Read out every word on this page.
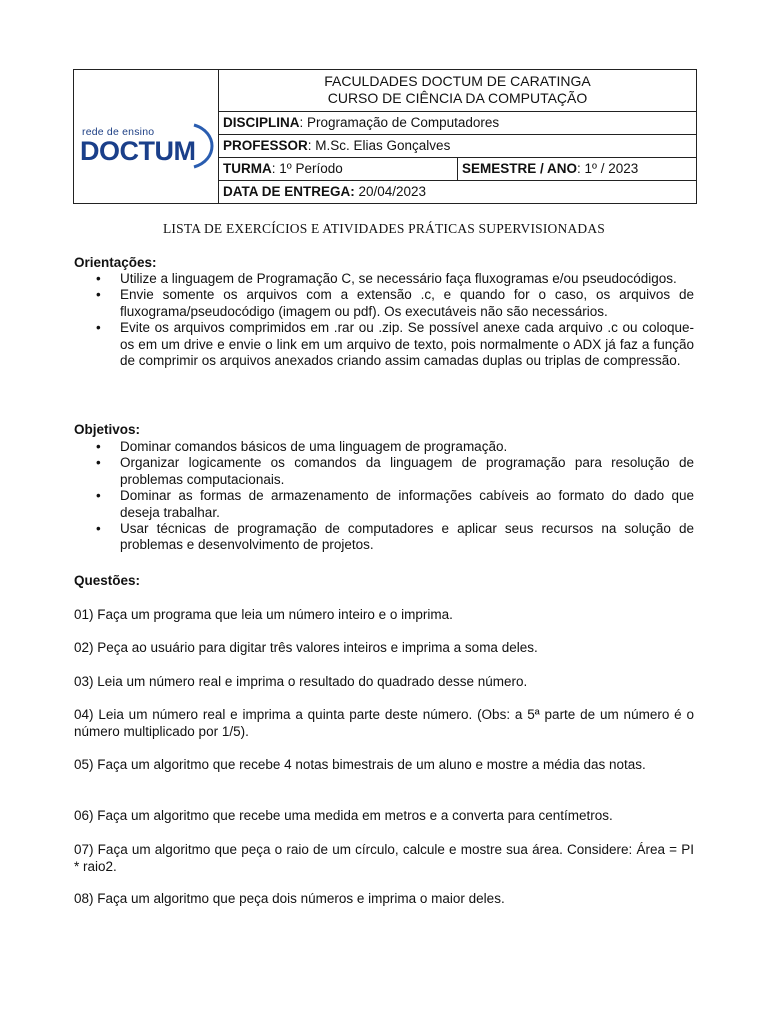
rede de ensino
DOCTUM
FACULDADES DOCTUM DE CARATINGA
CURSO DE CIÊNCIA DA COMPUTAÇÃO
DISCIPLINA: Programação de Computadores
PROFESSOR: M.Sc. Elias Gonçalves
TURMA: 1º Período	SEMESTRE / ANO: 1º / 2023
DATA DE ENTREGA: 20/04/2023
LISTA DE EXERCÍCIOS E ATIVIDADES PRÁTICAS SUPERVISIONADAS
Orientações:
• Utilize a linguagem de Programação C, se necessário faça fluxogramas e/ou pseudocódigos.
• Envie somente os arquivos com a extensão .c, e quando for o caso, os arquivos de fluxograma/pseudocódigo (imagem ou pdf). Os executáveis não são necessários.
• Evite os arquivos comprimidos em .rar ou .zip. Se possível anexe cada arquivo .c ou coloque-os em um drive e envie o link em um arquivo de texto, pois normalmente o ADX já faz a função de comprimir os arquivos anexados criando assim camadas duplas ou triplas de compressão.
Objetivos:
• Dominar comandos básicos de uma linguagem de programação.
• Organizar logicamente os comandos da linguagem de programação para resolução de problemas computacionais.
• Dominar as formas de armazenamento de informações cabíveis ao formato do dado que deseja trabalhar.
• Usar técnicas de programação de computadores e aplicar seus recursos na solução de problemas e desenvolvimento de projetos.
Questões:
01) Faça um programa que leia um número inteiro e o imprima.
02) Peça ao usuário para digitar três valores inteiros e imprima a soma deles.
03) Leia um número real e imprima o resultado do quadrado desse número.
04) Leia um número real e imprima a quinta parte deste número. (Obs: a 5ª parte de um número é o número multiplicado por 1/5).
05) Faça um algoritmo que recebe 4 notas bimestrais de um aluno e mostre a média das notas.
06) Faça um algoritmo que recebe uma medida em metros e a converta para centímetros.
07) Faça um algoritmo que peça o raio de um círculo, calcule e mostre sua área. Considere: Área = PI * raio2.
08) Faça um algoritmo que peça dois números e imprima o maior deles.
